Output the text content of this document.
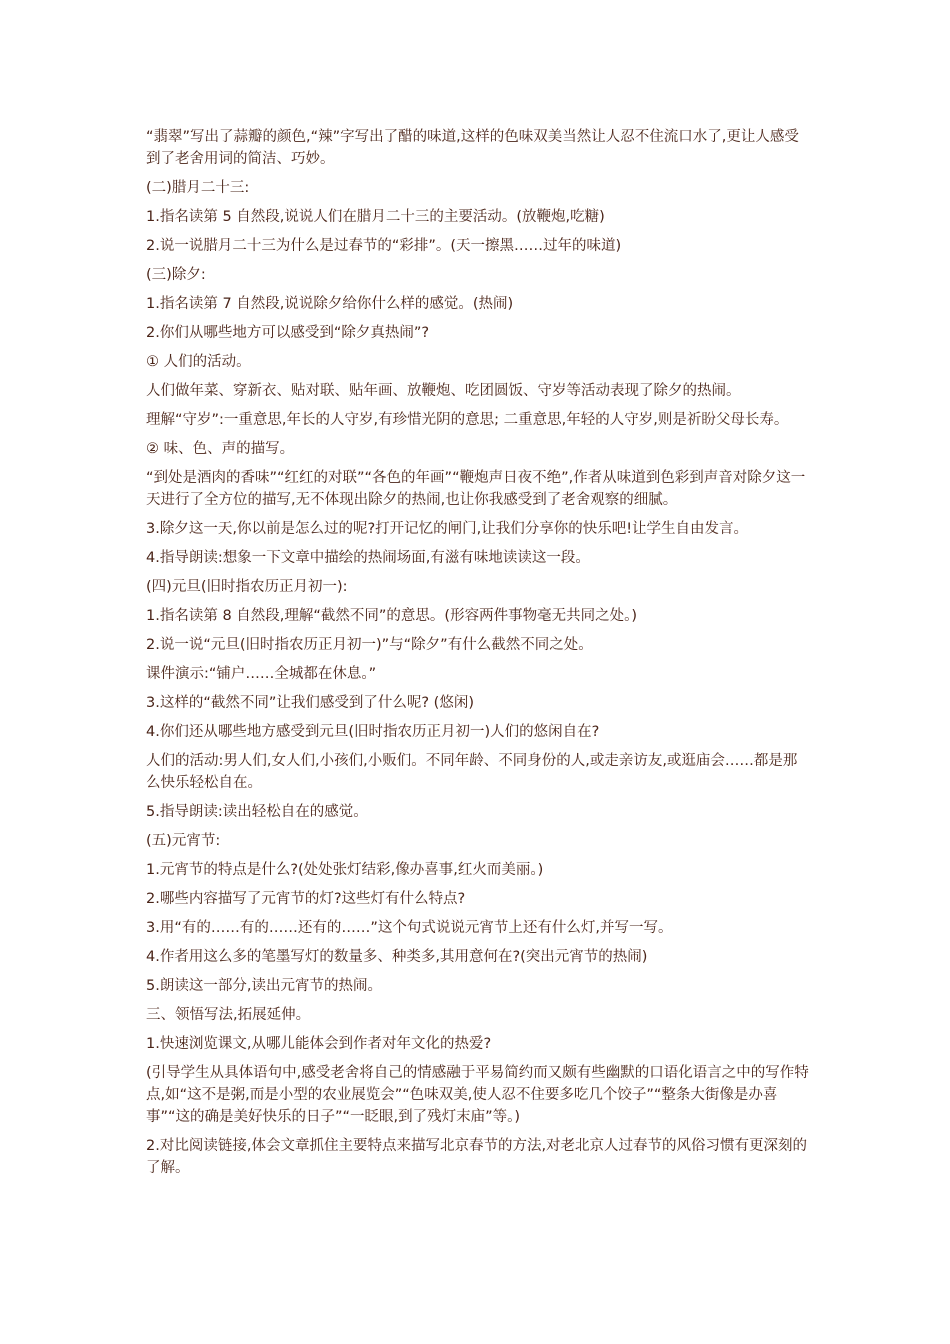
“翡翠”写出了蒜瓣的颜色,“辣”字写出了醋的味道,这样的色味双美当然让人忍不住流口水了,更让人感受到了老舍用词的简洁、巧妙。

(二)腊月二十三:

1.指名读第 5 自然段,说说人们在腊月二十三的主要活动。(放鞭炮,吃糖)

2.说一说腊月二十三为什么是过春节的“彩排”。(天一擦黑……过年的味道)

(三)除夕:

1.指名读第 7 自然段,说说除夕给你什么样的感觉。(热闹)

2.你们从哪些地方可以感受到“除夕真热闹”?

① 人们的活动。

人们做年菜、穿新衣、贴对联、贴年画、放鞭炮、吃团圆饭、守岁等活动表现了除夕的热闹。

理解“守岁”:一重意思,年长的人守岁,有珍惜光阴的意思; 二重意思,年轻的人守岁,则是祈盼父母长寿。

② 味、色、声的描写。

“到处是酒肉的香味”“红红的对联”“各色的年画”“鞭炮声日夜不绝”,作者从味道到色彩到声音对除夕这一天进行了全方位的描写,无不体现出除夕的热闹,也让你我感受到了老舍观察的细腻。

3.除夕这一天,你以前是怎么过的呢?打开记忆的闸门,让我们分享你的快乐吧!让学生自由发言。

4.指导朗读:想象一下文章中描绘的热闹场面,有滋有味地读读这一段。

(四)元旦(旧时指农历正月初一):

1.指名读第 8 自然段,理解“截然不同”的意思。(形容两件事物毫无共同之处。)

2.说一说“元旦(旧时指农历正月初一)”与“除夕”有什么截然不同之处。

课件演示:“铺户……全城都在休息。”

3.这样的“截然不同”让我们感受到了什么呢? (悠闲)

4.你们还从哪些地方感受到元旦(旧时指农历正月初一)人们的悠闲自在?

人们的活动:男人们,女人们,小孩们,小贩们。不同年龄、不同身份的人,或走亲访友,或逛庙会……都是那么快乐轻松自在。

5.指导朗读:读出轻松自在的感觉。

(五)元宵节:

1.元宵节的特点是什么?(处处张灯结彩,像办喜事,红火而美丽。)

2.哪些内容描写了元宵节的灯?这些灯有什么特点?

3.用“有的……有的……还有的……”这个句式说说元宵节上还有什么灯,并写一写。

4.作者用这么多的笔墨写灯的数量多、种类多,其用意何在?(突出元宵节的热闹)

5.朗读这一部分,读出元宵节的热闹。

三、领悟写法,拓展延伸。

1.快速浏览课文,从哪儿能体会到作者对年文化的热爱?

(引导学生从具体语句中,感受老舍将自己的情感融于平易简约而又颇有些幽默的口语化语言之中的写作特点,如“这不是粥,而是小型的农业展览会”“色味双美,使人忍不住要多吃几个饺子”“整条大街像是办喜事”“这的确是美好快乐的日子”“一眨眼,到了残灯末庙”等。)

2.对比阅读链接,体会文章抓住主要特点来描写北京春节的方法,对老北京人过春节的风俗习惯有更深刻的了解。
